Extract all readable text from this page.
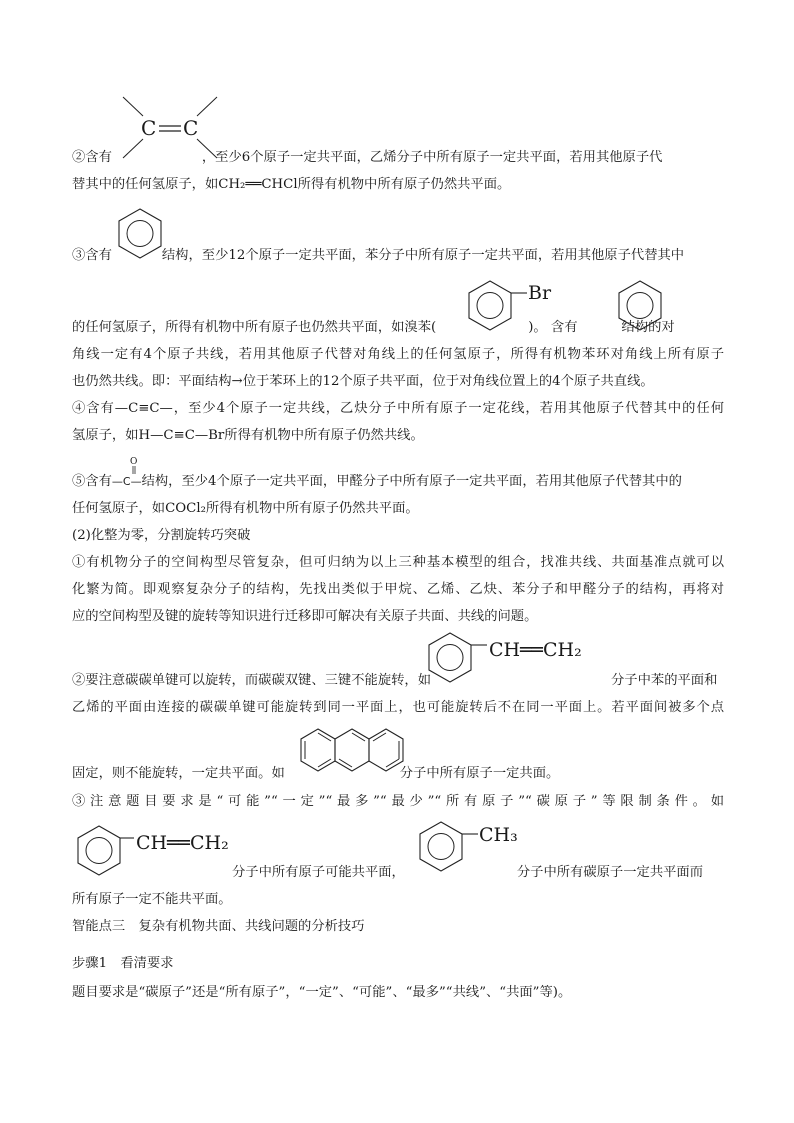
C C
②含有	，至少6个原子一定共平面，乙烯分子中所有原子一定共平面，若用其他原子代
替其中的任何氢原子，如CH₂══CHCl所得有机物中所有原子仍然共平面。
③含有	结构，至少12个原子一定共平面，苯分子中所有原子一定共平面，若用其他原子代替其中
Br
的任何氢原子，所得有机物中所有原子也仍然共平面，如溴苯(	)。 含有	结构的对
角线一定有4个原子共线，若用其他原子代替对角线上的任何氢原子，所得有机物苯环对角线上所有原子
也仍然共线。即：平面结构→位于苯环上的12个原子共平面，位于对角线位置上的4个原子共直线。
④含有—C≡C—，至少4个原子一定共线，乙炔分子中所有原子一定花线，若用其他原子代替其中的任何
氢原子，如H—C≡C—Br所得有机物中所有原子仍然共线。
O
⑤含有—C—结构，至少4个原子一定共平面，甲醛分子中所有原子一定共平面，若用其他原子代替其中的
任何氢原子，如COCl₂所得有机物中所有原子仍然共平面。
(2)化整为零，分割旋转巧突破
①有机物分子的空间构型尽管复杂，但可归纳为以上三种基本模型的组合，找准共线、共面基准点就可以
化繁为简。即观察复杂分子的结构，先找出类似于甲烷、乙烯、乙炔、苯分子和甲醛分子的结构，再将对
应的空间构型及键的旋转等知识进行迁移即可解决有关原子共面、共线的问题。
CH══CH₂
②要注意碳碳单键可以旋转，而碳碳双键、三键不能旋转，如	分子中苯的平面和
乙烯的平面由连接的碳碳单键可能旋转到同一平面上，也可能旋转后不在同一平面上。若平面间被多个点
固定，则不能旋转，一定共平面。如	分子中所有原子一定共面。
③注意题目要求是“可能”“一定”“最多”“最少”“所有原子”“碳原子”等限制条件。如
CH══CH₂	CH₃
分子中所有原子可能共平面，	分子中所有碳原子一定共平面而
所有原子一定不能共平面。
智能点三　复杂有机物共面、共线问题的分析技巧
步骤1　看清要求
题目要求是“碳原子”还是“所有原子”，“一定”、“可能”、“最多”“共线”、“共面”等)。
